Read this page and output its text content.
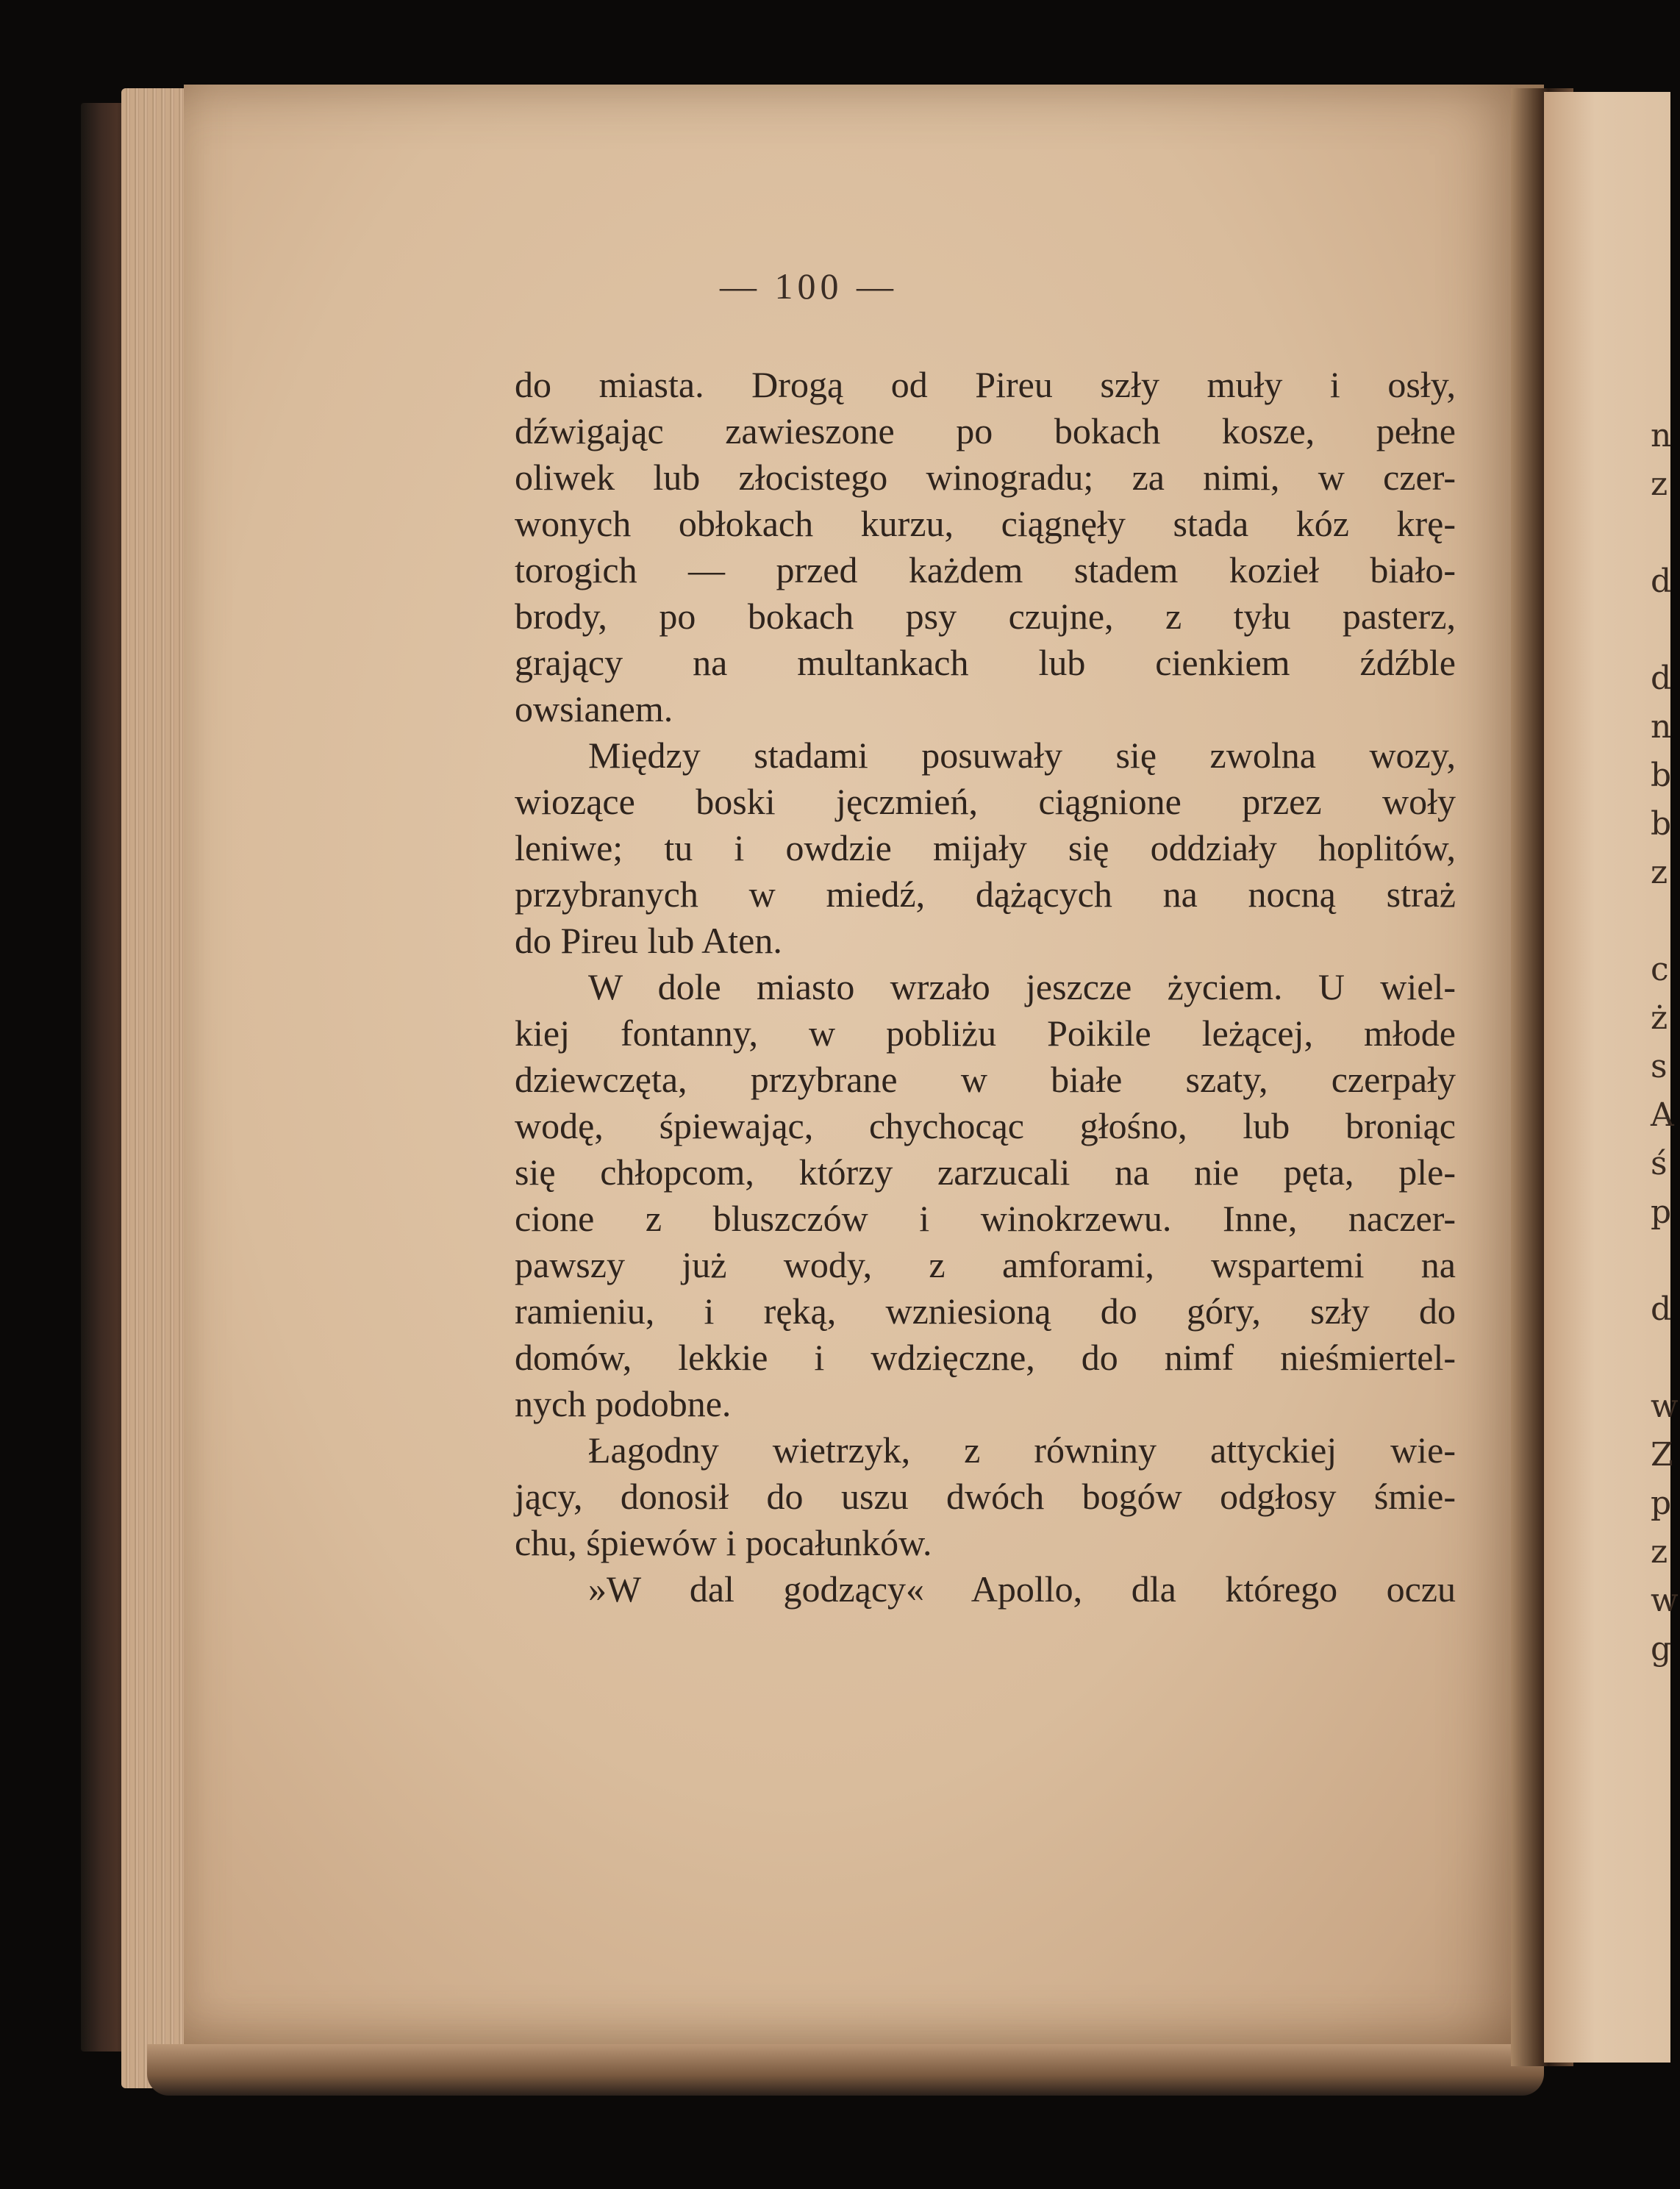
n
z
d
d
n
b
b
z
c
ż
s
A
ś
p
d
w
Z
p
z
w
g
— 100 —
do miasta. Drogą od Pireu szły muły i osły,
dźwigając zawieszone po bokach kosze, pełne
oliwek lub złocistego winogradu; za nimi, w czer-
wonych obłokach kurzu, ciągnęły stada kóz krę-
torogich — przed każdem stadem kozieł biało-
brody, po bokach psy czujne, z tyłu pasterz,
grający na multankach lub cienkiem źdźble
owsianem.
Między stadami posuwały się zwolna wozy,
wiozące boski jęczmień, ciągnione przez woły
leniwe; tu i owdzie mijały się oddziały hoplitów,
przybranych w miedź, dążących na nocną straż
do Pireu lub Aten.
W dole miasto wrzało jeszcze życiem. U wiel-
kiej fontanny, w pobliżu Poikile leżącej, młode
dziewczęta, przybrane w białe szaty, czerpały
wodę, śpiewając, chychocąc głośno, lub broniąc
się chłopcom, którzy zarzucali na nie pęta, ple-
cione z bluszczów i winokrzewu. Inne, naczer-
pawszy już wody, z amforami, wspartemi na
ramieniu, i ręką, wzniesioną do góry, szły do
domów, lekkie i wdzięczne, do nimf nieśmiertel-
nych podobne.
Łagodny wietrzyk, z równiny attyckiej wie-
jący, donosił do uszu dwóch bogów odgłosy śmie-
chu, śpiewów i pocałunków.
»W dal godzący« Apollo, dla którego oczu
